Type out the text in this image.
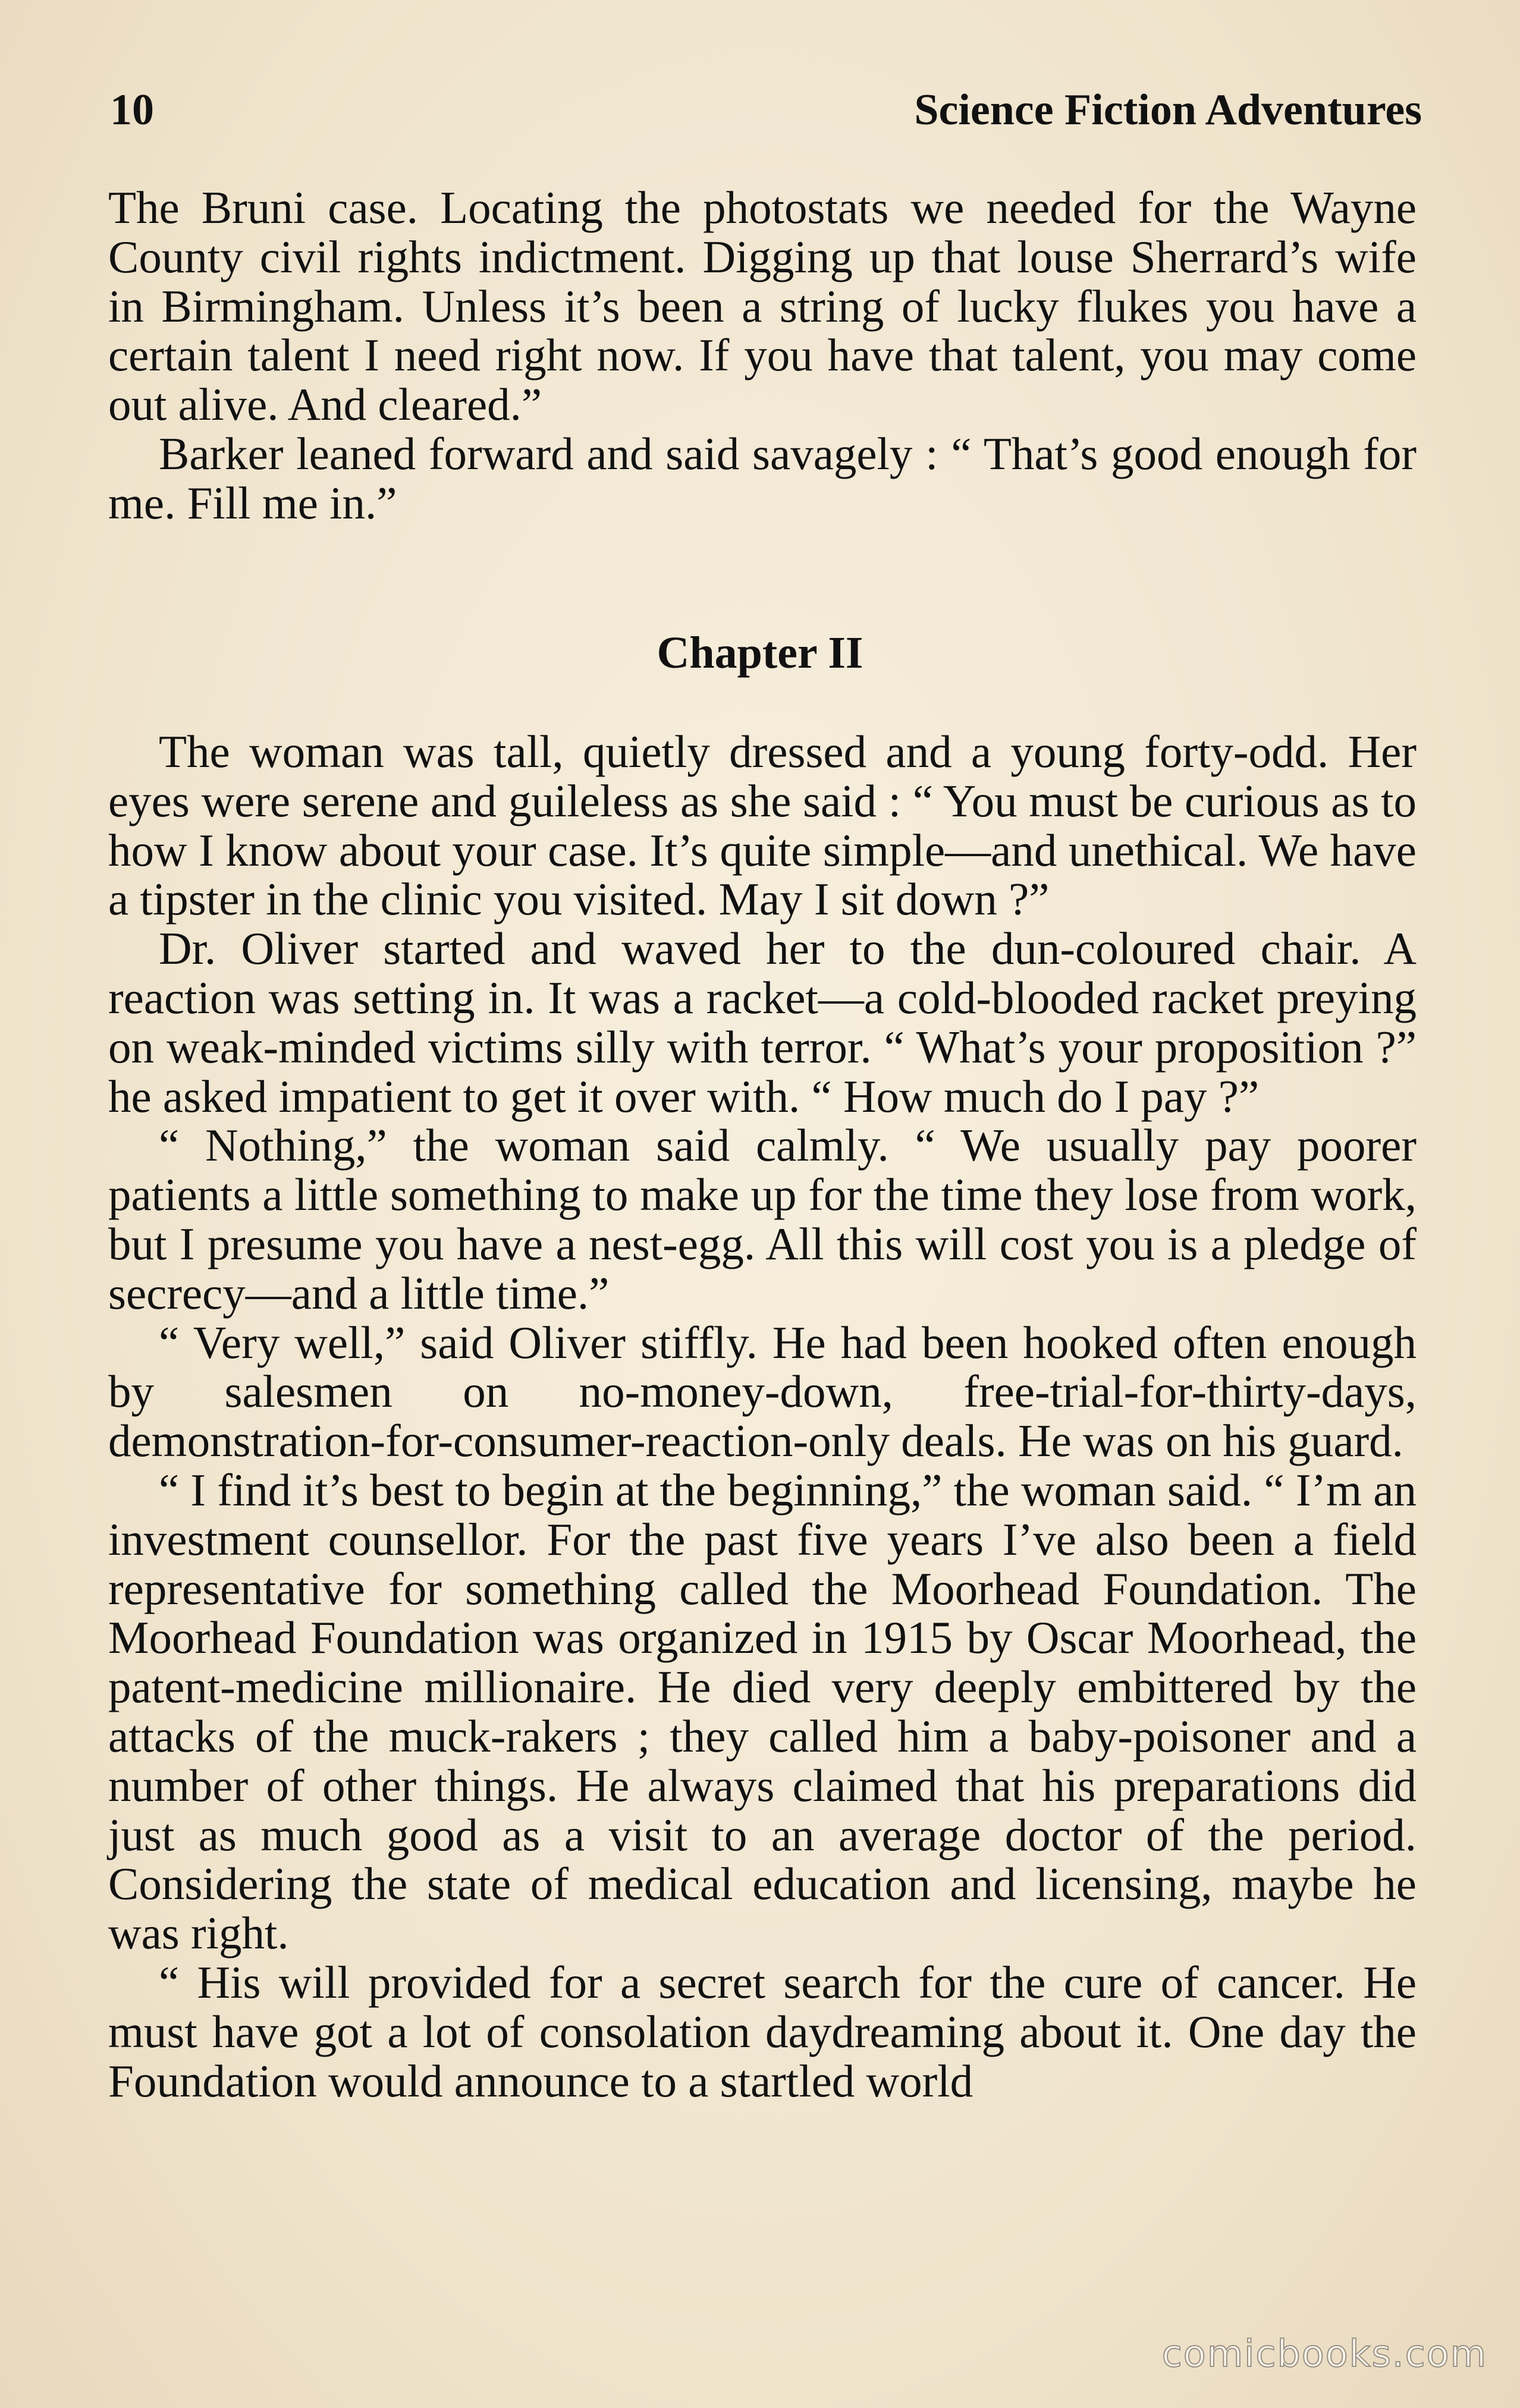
10	Science Fiction Adventures

The Bruni case. Locating the photostats we needed for the Wayne County civil rights indictment. Digging up that louse Sherrard’s wife in Birmingham. Unless it’s been a string of lucky flukes you have a certain talent I need right now. If you have that talent, you may come out alive. And cleared.”

Barker leaned forward and said savagely : “ That’s good enough for me. Fill me in.”

Chapter II

The woman was tall, quietly dressed and a young forty-odd. Her eyes were serene and guileless as she said : “ You must be curious as to how I know about your case. It’s quite simple—and unethical. We have a tipster in the clinic you visited. May I sit down ?”

Dr. Oliver started and waved her to the dun-coloured chair. A reaction was setting in. It was a racket—a cold-blooded racket preying on weak-minded victims silly with terror. “ What’s your proposition ?” he asked impatient to get it over with. “ How much do I pay ?”

“ Nothing,” the woman said calmly. “ We usually pay poorer patients a little something to make up for the time they lose from work, but I presume you have a nest-egg. All this will cost you is a pledge of secrecy—and a little time.”

“ Very well,” said Oliver stiffly. He had been hooked often enough by salesmen on no-money-down, free-trial-for-thirty-days, demonstration-for-consumer-reaction-only deals. He was on his guard.

“ I find it’s best to begin at the beginning,” the woman said. “ I’m an investment counsellor. For the past five years I’ve also been a field representative for something called the Moorhead Foundation. The Moorhead Foundation was organized in 1915 by Oscar Moorhead, the patent-medicine millionaire. He died very deeply embittered by the attacks of the muck-rakers ; they called him a baby-poisoner and a number of other things. He always claimed that his preparations did just as much good as a visit to an average doctor of the period. Considering the state of medical education and licensing, maybe he was right.

“ His will provided for a secret search for the cure of cancer. He must have got a lot of consolation daydreaming about it. One day the Foundation would announce to a startled world

comicbooks.com
